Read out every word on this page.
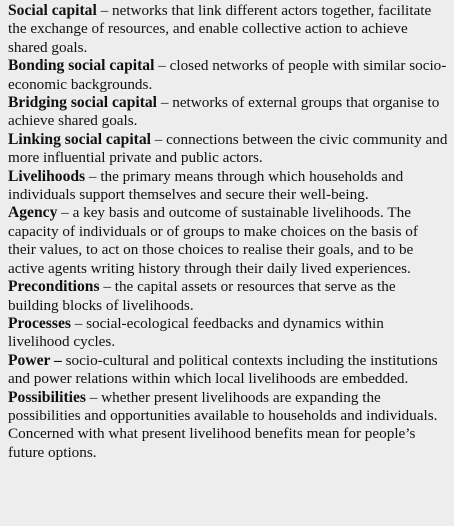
Social capital – networks that link different actors together, facilitate the exchange of resources, and enable collective action to achieve shared goals.

Bonding social capital – closed networks of people with similar socio-economic backgrounds.

Bridging social capital – networks of external groups that organise to achieve shared goals.

Linking social capital – connections between the civic community and more influential private and public actors.

Livelihoods – the primary means through which households and individuals support themselves and secure their well-being.

Agency – a key basis and outcome of sustainable livelihoods. The capacity of individuals or of groups to make choices on the basis of their values, to act on those choices to realise their goals, and to be active agents writing history through their daily lived experiences.

Preconditions – the capital assets or resources that serve as the building blocks of livelihoods.

Processes – social-ecological feedbacks and dynamics within livelihood cycles.

Power – socio-cultural and political contexts including the institutions and power relations within which local livelihoods are embedded.

Possibilities – whether present livelihoods are expanding the possibilities and opportunities available to households and individuals. Concerned with what present livelihood benefits mean for people’s future options.
